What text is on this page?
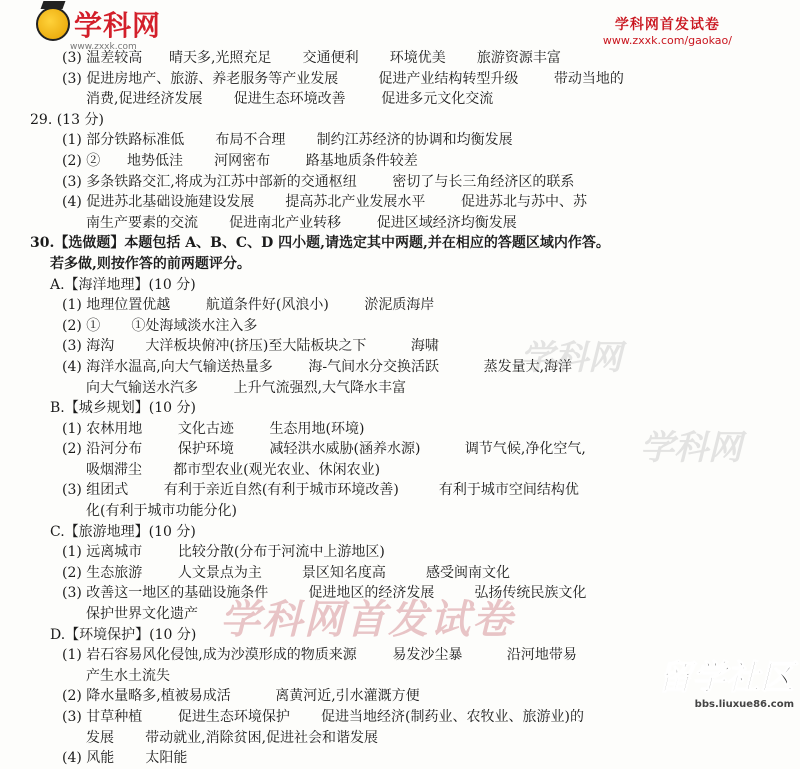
学科网
www.zxxk.com
学科网首发试卷
www.zxxk.com/gaokao/
(3) 温差较高      晴天多,光照充足       交通便利       环境优美       旅游资源丰富
(3) 促进房地产、旅游、养老服务等产业发展         促进产业结构转型升级        带动当地的
消费,促进经济发展       促进生态环境改善        促进多元文化交流
29. (13 分)
(1) 部分铁路标准低       布局不合理       制约江苏经济的协调和均衡发展
(2) ②      地势低洼       河网密布        路基地质条件较差
(3) 多条铁路交汇,将成为江苏中部新的交通枢纽        密切了与长三角经济区的联系
(4) 促进苏北基础设施建设发展       提高苏北产业发展水平        促进苏北与苏中、苏
南生产要素的交流       促进南北产业转移        促进区域经济均衡发展
30.【选做题】本题包括 A、B、C、D 四小题,请选定其中两题,并在相应的答题区域内作答。
若多做,则按作答的前两题评分。
A.【海洋地理】(10 分)
(1) 地理位置优越        航道条件好(风浪小)        淤泥质海岸
(2) ①       ①处海域淡水注入多
(3) 海沟       大洋板块俯冲(挤压)至大陆板块之下          海啸
(4) 海洋水温高,向大气输送热量多        海-气间水分交换活跃          蒸发量大,海洋
向大气输送水汽多        上升气流强烈,大气降水丰富
B.【城乡规划】(10 分)
(1) 农林用地        文化古迹        生态用地(环境)
(2) 沿河分布        保护环境        减轻洪水威胁(涵养水源)          调节气候,净化空气,
吸烟滞尘       都市型农业(观光农业、休闲农业)
(3) 组团式        有利于亲近自然(有利于城市环境改善)         有利于城市空间结构优
化(有利于城市功能分化)
C.【旅游地理】(10 分)
(1) 远离城市        比较分散(分布于河流中上游地区)
(2) 生态旅游        人文景点为主         景区知名度高         感受闽南文化
(3) 改善这一地区的基础设施条件         促进地区的经济发展         弘扬传统民族文化
保护世界文化遗产
D.【环境保护】(10 分)
(1) 岩石容易风化侵蚀,成为沙漠形成的物质来源        易发沙尘暴          沿河地带易
产生水土流失
(2) 降水量略多,植被易成活          离黄河近,引水灌溉方便
(3) 甘草种植        促进生态环境保护       促进当地经济(制药业、农牧业、旅游业)的
发展       带动就业,消除贫困,促进社会和谐发展
(4) 风能       太阳能
学科网
学科网
学科网首发试卷
留学社区
bbs.liuxue86.com
